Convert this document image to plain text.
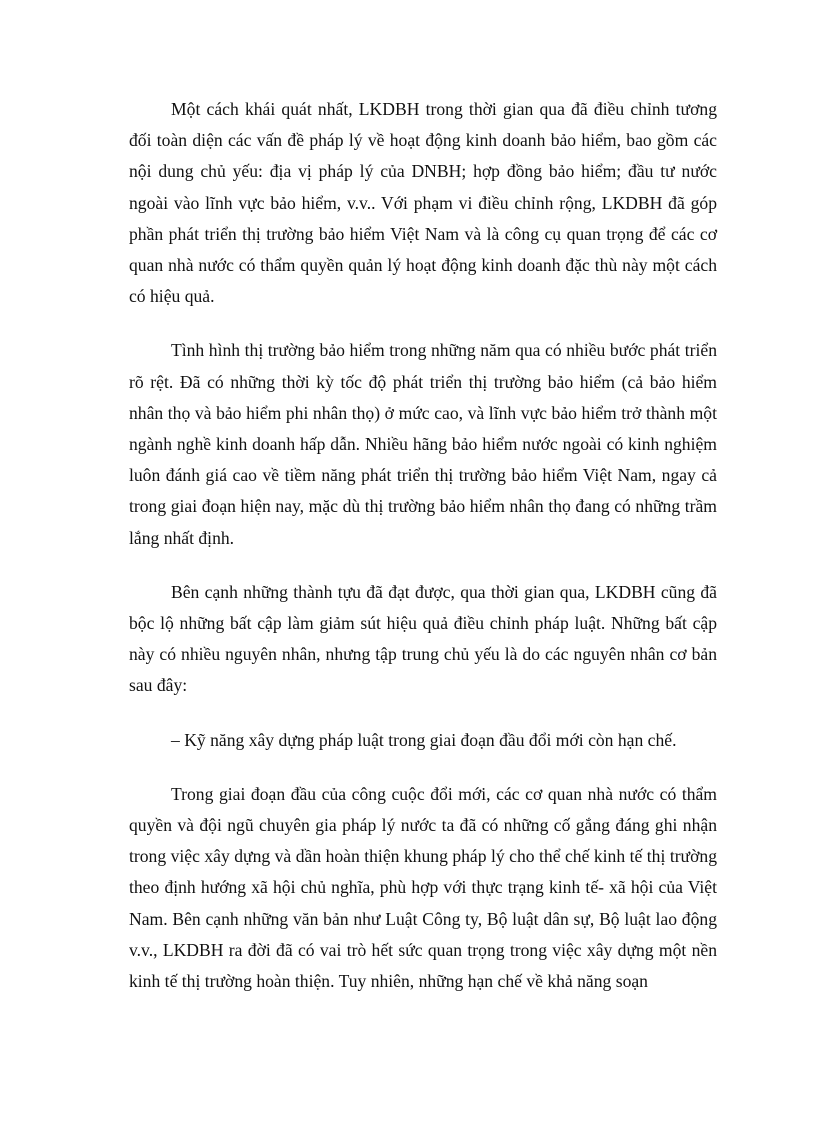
Một cách khái quát nhất, LKDBH trong thời gian qua đã điều chỉnh tương đối toàn diện các vấn đề pháp lý về hoạt động kinh doanh bảo hiểm, bao gồm các nội dung chủ yếu: địa vị pháp lý của DNBH; hợp đồng bảo hiểm; đầu tư nước ngoài vào lĩnh vực bảo hiểm, v.v.. Với phạm vi điều chỉnh rộng, LKDBH đã góp phần phát triển thị trường bảo hiểm Việt Nam và là công cụ quan trọng để các cơ quan nhà nước có thẩm quyền quản lý hoạt động kinh doanh đặc thù này một cách có hiệu quả.

Tình hình thị trường bảo hiểm trong những năm qua có nhiều bước phát triển rõ rệt. Đã có những thời kỳ tốc độ phát triển thị trường bảo hiểm (cả bảo hiểm nhân thọ và bảo hiểm phi nhân thọ) ở mức cao, và lĩnh vực bảo hiểm trở thành một ngành nghề kinh doanh hấp dẫn. Nhiều hãng bảo hiểm nước ngoài có kinh nghiệm luôn đánh giá cao về tiềm năng phát triển thị trường bảo hiểm Việt Nam, ngay cả trong giai đoạn hiện nay, mặc dù thị trường bảo hiểm nhân thọ đang có những trầm lắng nhất định.

Bên cạnh những thành tựu đã đạt được, qua thời gian qua, LKDBH cũng đã bộc lộ những bất cập làm giảm sút hiệu quả điều chỉnh pháp luật. Những bất cập này có nhiều nguyên nhân, nhưng tập trung chủ yếu là do các nguyên nhân cơ bản sau đây:

– Kỹ năng xây dựng pháp luật trong giai đoạn đầu đổi mới còn hạn chế.

Trong giai đoạn đầu của công cuộc đổi mới, các cơ quan nhà nước có thẩm quyền và đội ngũ chuyên gia pháp lý nước ta đã có những cố gắng đáng ghi nhận trong việc xây dựng và dần hoàn thiện khung pháp lý cho thể chế kinh tế thị trường theo định hướng xã hội chủ nghĩa, phù hợp với thực trạng kinh tế- xã hội của Việt Nam. Bên cạnh những văn bản như Luật Công ty, Bộ luật dân sự, Bộ luật lao động v.v., LKDBH ra đời đã có vai trò hết sức quan trọng trong việc xây dựng một nền kinh tế thị trường hoàn thiện. Tuy nhiên, những hạn chế về khả năng soạn
